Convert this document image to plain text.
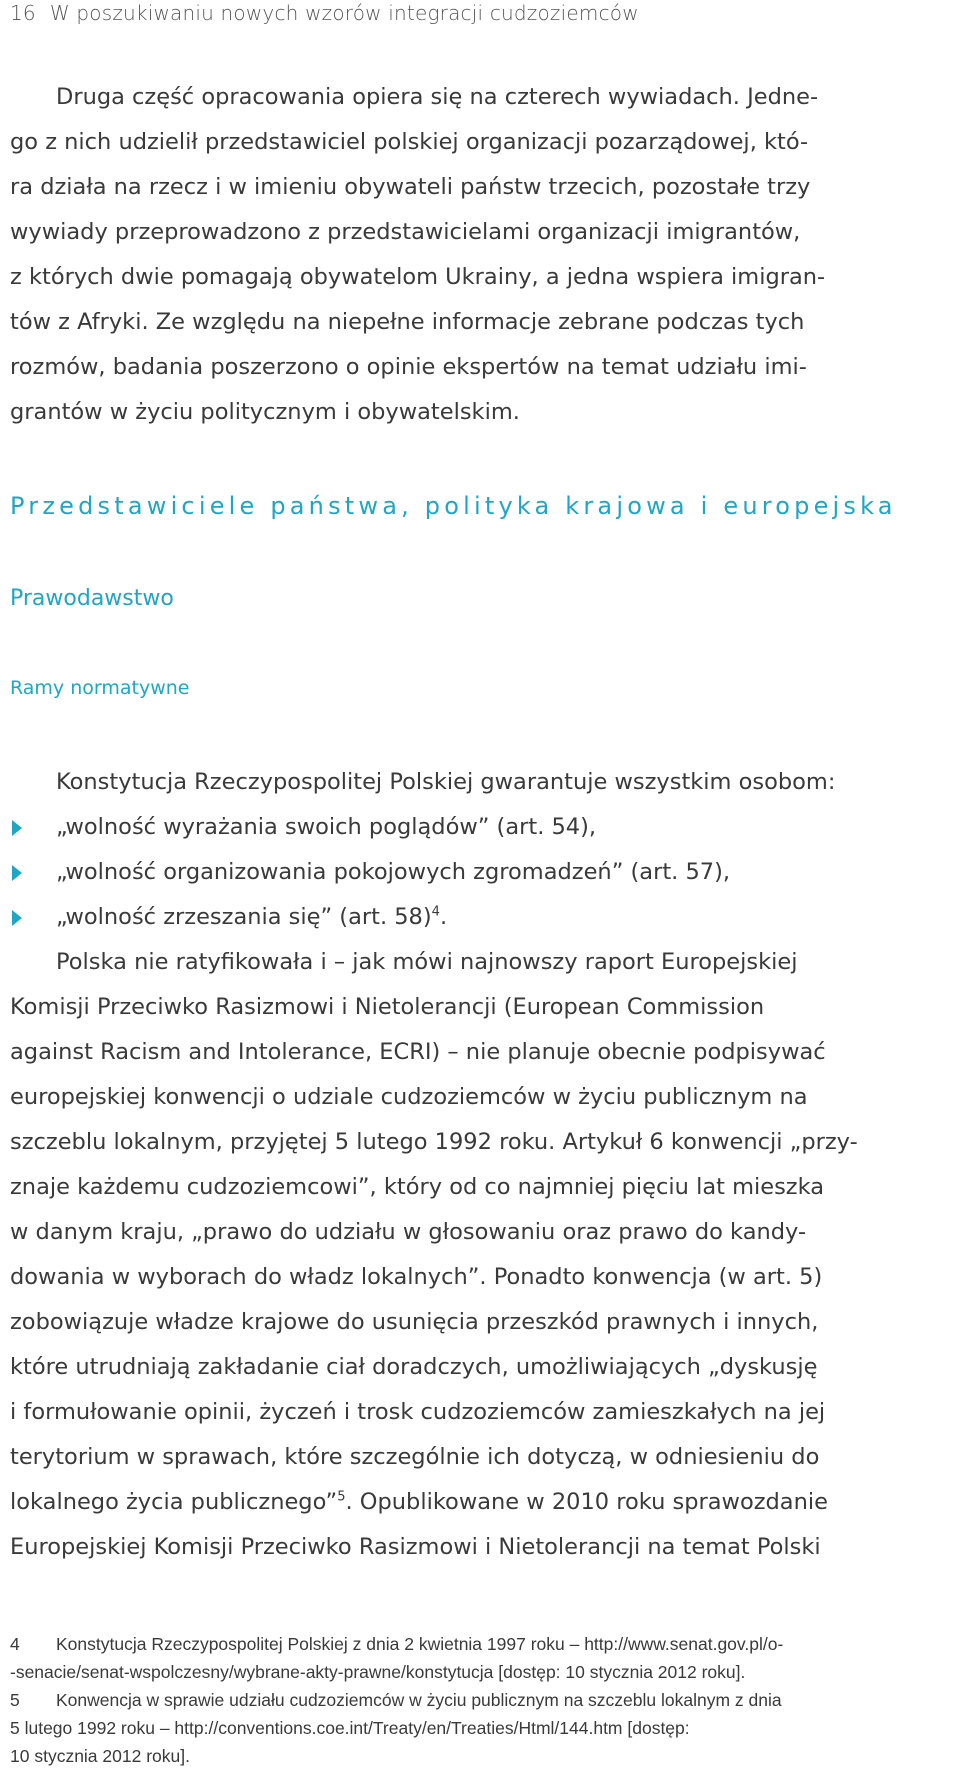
16 W poszukiwaniu nowych wzorów integracji cudzoziemców
Druga część opracowania opiera się na czterech wywiadach. Jedne-
go z nich udzielił przedstawiciel polskiej organizacji pozarządowej, któ-
ra działa na rzecz i w imieniu obywateli państw trzecich, pozostałe trzy
wywiady przeprowadzono z przedstawicielami organizacji imigrantów,
z których dwie pomagają obywatelom Ukrainy, a jedna wspiera imigran-
tów z Afryki. Ze względu na niepełne informacje zebrane podczas tych
rozmów, badania poszerzono o opinie ekspertów na temat udziału imi-
grantów w życiu politycznym i obywatelskim.
Przedstawiciele państwa, polityka krajowa i europejska
Prawodawstwo
Ramy normatywne
Konstytucja Rzeczypospolitej Polskiej gwarantuje wszystkim osobom:
„wolność wyrażania swoich poglądów” (art. 54),
„wolność organizowania pokojowych zgromadzeń” (art. 57),
„wolność zrzeszania się” (art. 58)$^4$.
Polska nie ratyfikowała i – jak mówi najnowszy raport Europejskiej
Komisji Przeciwko Rasizmowi i Nietolerancji (European Commission
against Racism and Intolerance, ECRI) – nie planuje obecnie podpisywać
europejskiej konwencji o udziale cudzoziemców w życiu publicznym na
szczeblu lokalnym, przyjętej 5 lutego 1992 roku. Artykuł 6 konwencji „przy-
znaje każdemu cudzoziemcowi”, który od co najmniej pięciu lat mieszka
w danym kraju, „prawo do udziału w głosowaniu oraz prawo do kandy-
dowania w wyborach do władz lokalnych”. Ponadto konwencja (w art. 5)
zobowiązuje władze krajowe do usunięcia przeszkód prawnych i innych,
które utrudniają zakładanie ciał doradczych, umożliwiających „dyskusję
i formułowanie opinii, życzeń i trosk cudzoziemców zamieszkałych na jej
terytorium w sprawach, które szczególnie ich dotyczą, w odniesieniu do
lokalnego życia publicznego”$^5$. Opublikowane w 2010 roku sprawozdanie
Europejskiej Komisji Przeciwko Rasizmowi i Nietolerancji na temat Polski
4 Konstytucja Rzeczypospolitej Polskiej z dnia 2 kwietnia 1997 roku – http://www.senat.gov.pl/o-
-senacie/senat-wspolczesny/wybrane-akty-prawne/konstytucja [dostęp: 10 stycznia 2012 roku].
5 Konwencja w sprawie udziału cudzoziemców w życiu publicznym na szczeblu lokalnym z dnia
5 lutego 1992 roku – http://conventions.coe.int/Treaty/en/Treaties/Html/144.htm [dostęp:
10 stycznia 2012 roku].
